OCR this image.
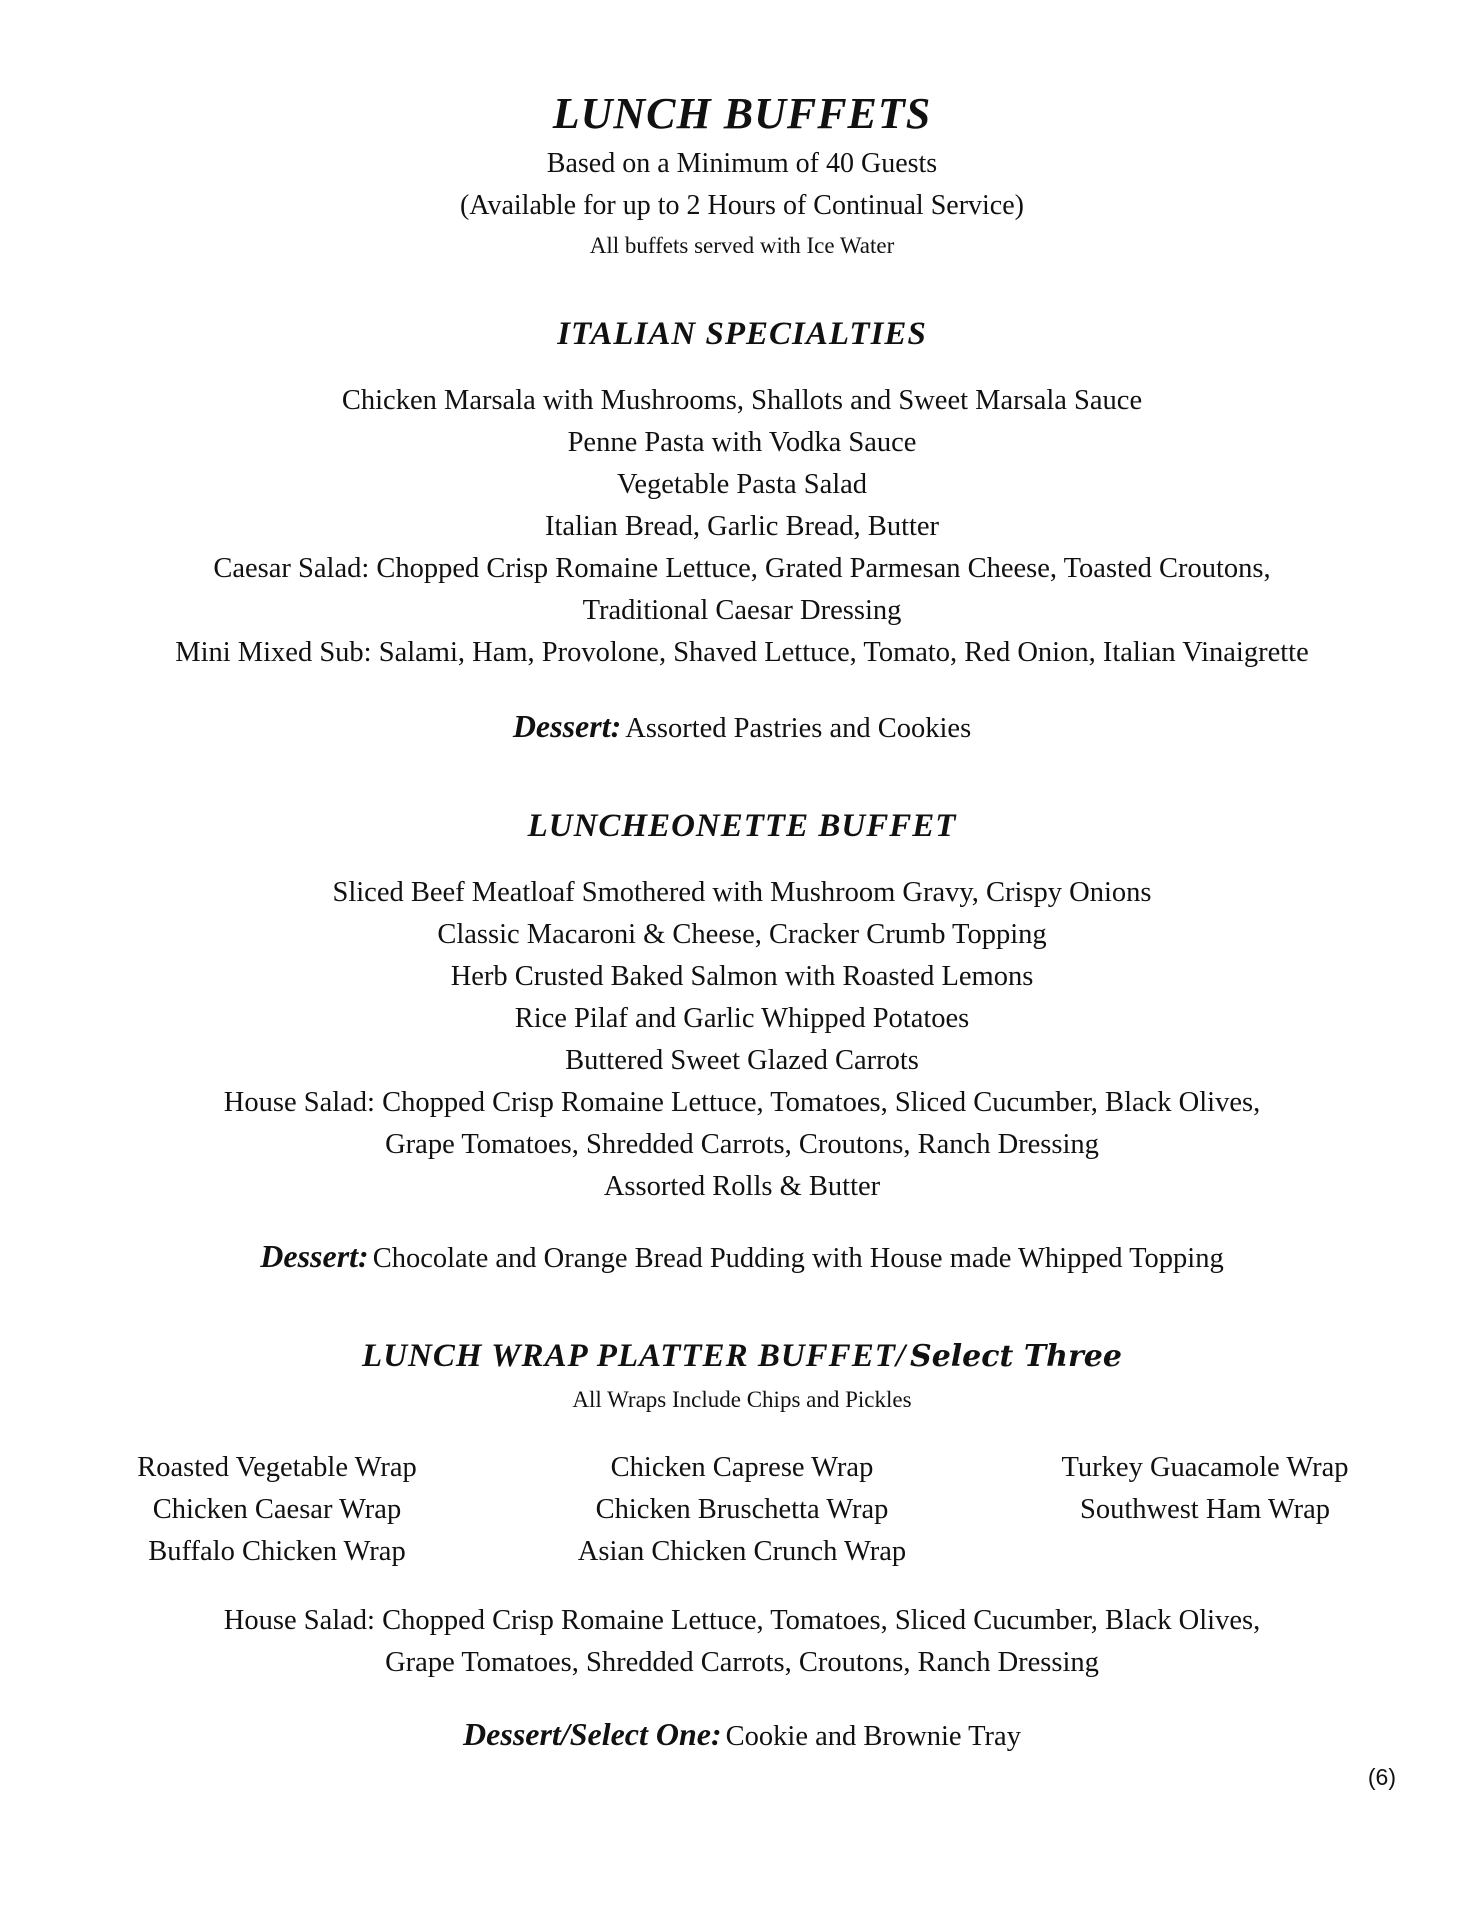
LUNCH BUFFETS
Based on a Minimum of 40 Guests
(Available for up to 2 Hours of Continual Service)
All buffets served with Ice Water
ITALIAN SPECIALTIES
Chicken Marsala with Mushrooms, Shallots and Sweet Marsala Sauce
Penne Pasta with Vodka Sauce
Vegetable Pasta Salad
Italian Bread, Garlic Bread, Butter
Caesar Salad: Chopped Crisp Romaine Lettuce, Grated Parmesan Cheese, Toasted Croutons,
Traditional Caesar Dressing
Mini Mixed Sub: Salami, Ham, Provolone, Shaved Lettuce, Tomato, Red Onion, Italian Vinaigrette
Dessert: Assorted Pastries and Cookies
LUNCHEONETTE BUFFET
Sliced Beef Meatloaf Smothered with Mushroom Gravy, Crispy Onions
Classic Macaroni & Cheese, Cracker Crumb Topping
Herb Crusted Baked Salmon with Roasted Lemons
Rice Pilaf and Garlic Whipped Potatoes
Buttered Sweet Glazed Carrots
House Salad: Chopped Crisp Romaine Lettuce, Tomatoes, Sliced Cucumber, Black Olives,
Grape Tomatoes, Shredded Carrots, Croutons, Ranch Dressing
Assorted Rolls & Butter
Dessert: Chocolate and Orange Bread Pudding with House made Whipped Topping
LUNCH WRAP PLATTER BUFFET/ Select Three
All Wraps Include Chips and Pickles
Roasted Vegetable Wrap
Chicken Caesar Wrap
Buffalo Chicken Wrap
Chicken Caprese Wrap
Chicken Bruschetta Wrap
Asian Chicken Crunch Wrap
Turkey Guacamole Wrap
Southwest Ham Wrap
House Salad: Chopped Crisp Romaine Lettuce, Tomatoes, Sliced Cucumber, Black Olives,
Grape Tomatoes, Shredded Carrots, Croutons, Ranch Dressing
Dessert/Select One: Cookie and Brownie Tray
(6)
